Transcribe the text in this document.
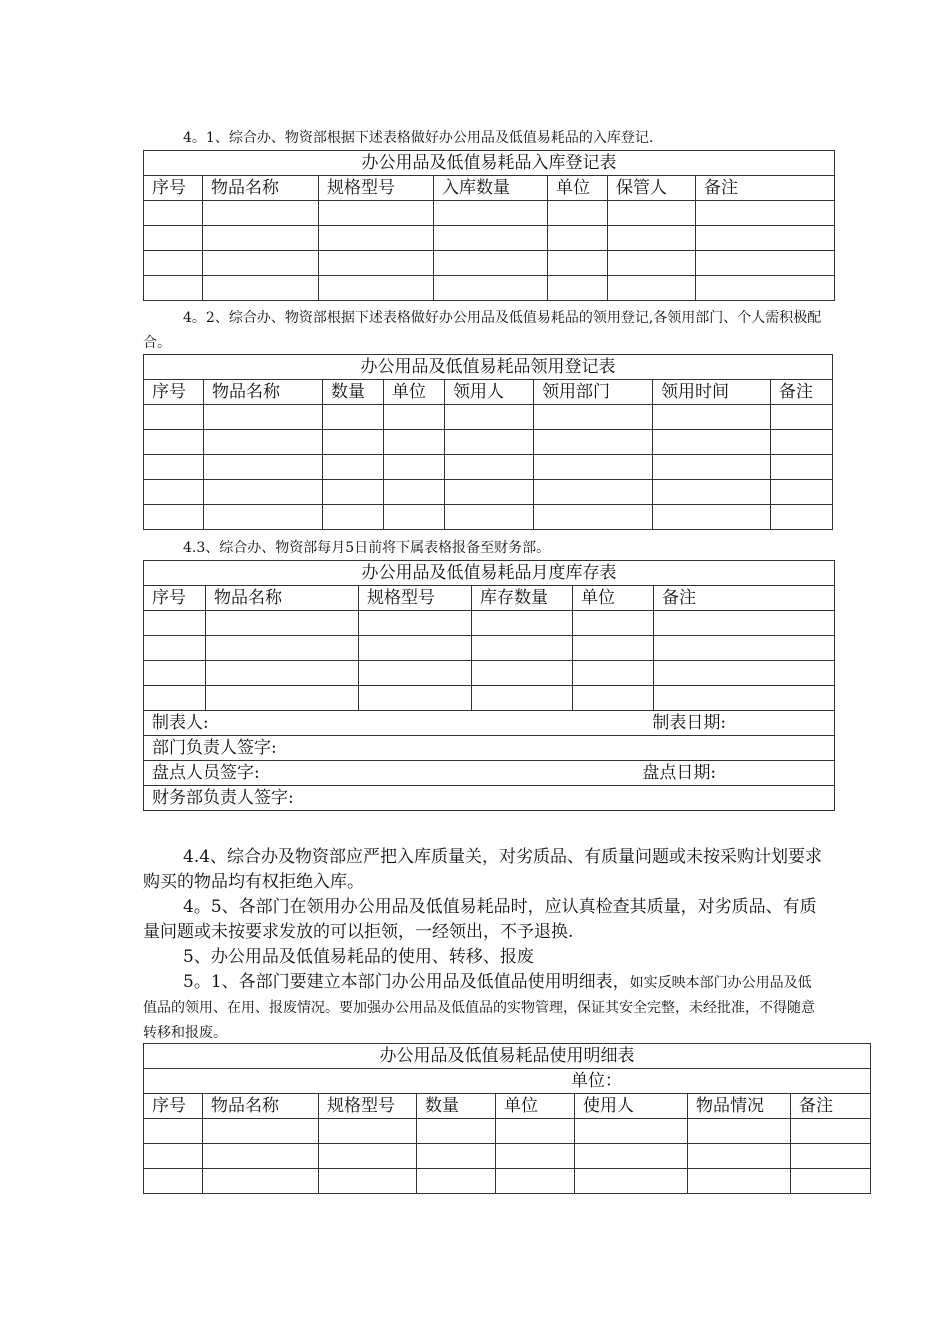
4。1、综合办、物资部根据下述表格做好办公用品及低值易耗品的入库登记.

办公用品及低值易耗品入库登记表						
序号	物品名称	规格型号	入库数量	单位	保管人	备注

4。2、综合办、物资部根据下述表格做好办公用品及低值易耗品的领用登记,各领用部门、个人需积极配合。

办公用品及低值易耗品领用登记表							
序号	物品名称	数量	单位	领用人	领用部门	领用时间	备注

4.3、综合办、物资部每月5日前将下属表格报备至财务部。

办公用品及低值易耗品月度库存表					
序号	物品名称	规格型号	库存数量	单位	备注

制表人: 制表日期:					

部门负责人签字:					

盘点人员签字: 盘点日期:					

财务部负责人签字:					

4.4、综合办及物资部应严把入库质量关，对劣质品、有质量问题或未按采购计划要求购买的物品均有权拒绝入库。

4。5、各部门在领用办公用品及低值易耗品时，应认真检查其质量，对劣质品、有质量问题或未按要求发放的可以拒领，一经领出，不予退换.

5、办公用品及低值易耗品的使用、转移、报废

5。1、各部门要建立本部门办公用品及低值品使用明细表，如实反映本部门办公用品及低值品的领用、在用、报废情况。要加强办公用品及低值品的实物管理，保证其安全完整，未经批准，不得随意转移和报废。

办公用品及低值易耗品使用明细表							
单位：							
序号	物品名称	规格型号	数量	单位	使用人	物品情况	备注
